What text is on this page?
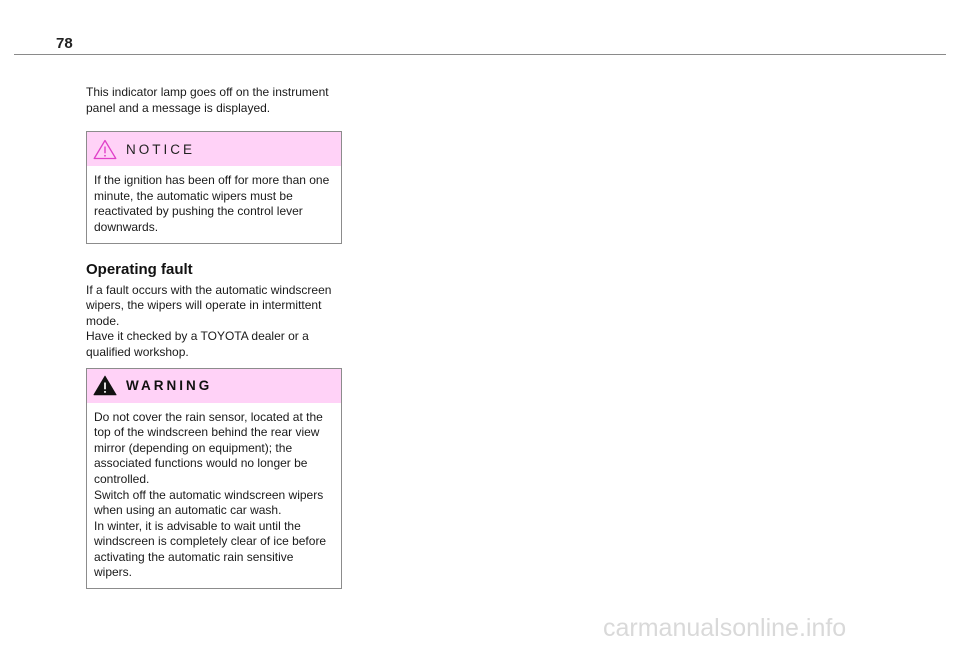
78

This indicator lamp goes off on the instrument
panel and a message is displayed.

NOTICE
If the ignition has been off for more than one
minute, the automatic wipers must be
reactivated by pushing the control lever
downwards.
Operating fault

If a fault occurs with the automatic windscreen
wipers, the wipers will operate in intermittent
mode.
Have it checked by a TOYOTA dealer or a
qualified workshop.

WARNING
Do not cover the rain sensor, located at the
top of the windscreen behind the rear view
mirror (depending on equipment); the
associated functions would no longer be
controlled.
Switch off the automatic windscreen wipers
when using an automatic car wash.
In winter, it is advisable to wait until the
windscreen is completely clear of ice before
activating the automatic rain sensitive wipers.
carmanualsonline.info
